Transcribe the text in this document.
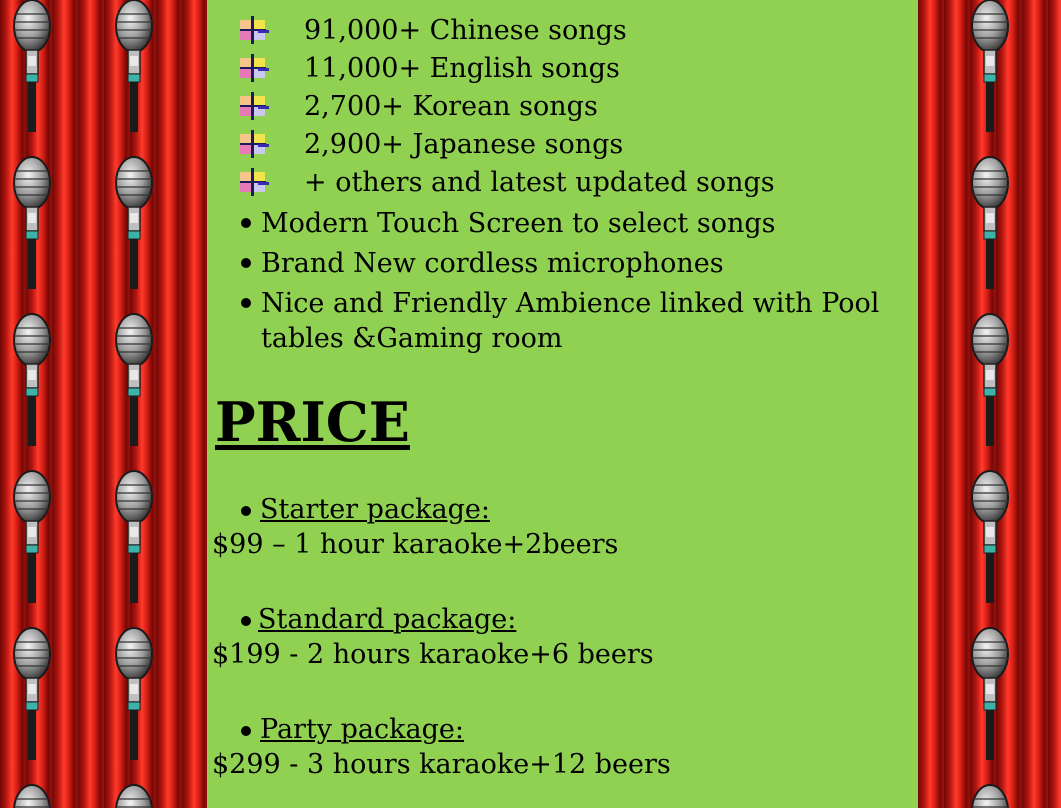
91,000+ Chinese songs
11,000+ English songs
2,700+ Korean songs
2,900+ Japanese songs
+ others and latest updated songs
Modern Touch Screen to select songs
Brand New cordless microphones
Nice and Friendly Ambience linked with Pool
tables &Gaming room
PRICE
Starter package:
$99 – 1 hour karaoke+2beers
Standard package:
$199 - 2 hours karaoke+6 beers
Party package:
$299 - 3 hours karaoke+12 beers
